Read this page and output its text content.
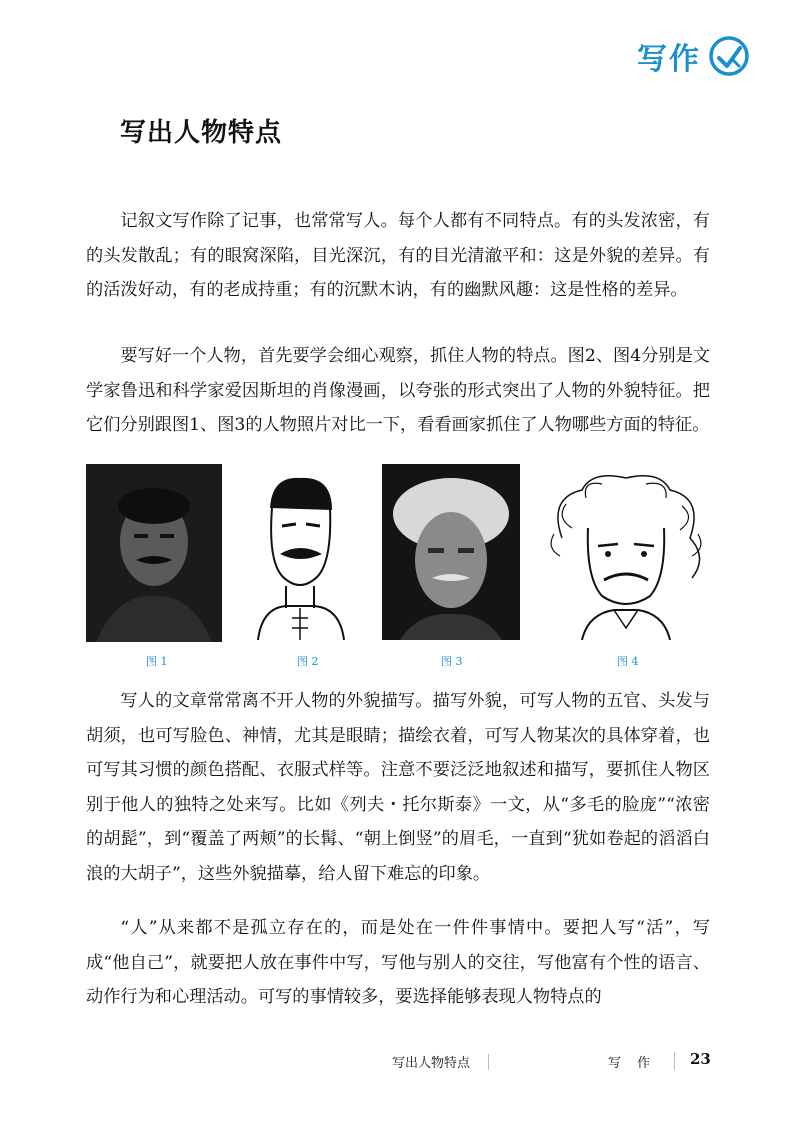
写作
写出人物特点

记叙文写作除了记事，也常常写人。每个人都有不同特点。有的头发浓密，有的头发散乱；有的眼窝深陷，目光深沉，有的目光清澈平和：这是外貌的差异。有的活泼好动，有的老成持重；有的沉默木讷，有的幽默风趣：这是性格的差异。

要写好一个人物，首先要学会细心观察，抓住人物的特点。图2、图4分别是文学家鲁迅和科学家爱因斯坦的肖像漫画，以夸张的形式突出了人物的外貌特征。把它们分别跟图1、图3的人物照片对比一下，看看画家抓住了人物哪些方面的特征。

图 1	图 2	图 3	图 4

写人的文章常常离不开人物的外貌描写。描写外貌，可写人物的五官、头发与胡须，也可写脸色、神情，尤其是眼睛；描绘衣着，可写人物某次的具体穿着，也可写其习惯的颜色搭配、衣服式样等。注意不要泛泛地叙述和描写，要抓住人物区别于他人的独特之处来写。比如《列夫・托尔斯泰》一文，从“多毛的脸庞”“浓密的胡髭”，到“覆盖了两颊”的长髯、“朝上倒竖”的眉毛，一直到“犹如卷起的滔滔白浪的大胡子”，这些外貌描摹，给人留下难忘的印象。

“人”从来都不是孤立存在的，而是处在一件件事情中。要把人写“活”，写成“他自己”，就要把人放在事件中写，写他与别人的交往，写他富有个性的语言、动作行为和心理活动。可写的事情较多，要选择能够表现人物特点的

写出人物特点	写 作 23
